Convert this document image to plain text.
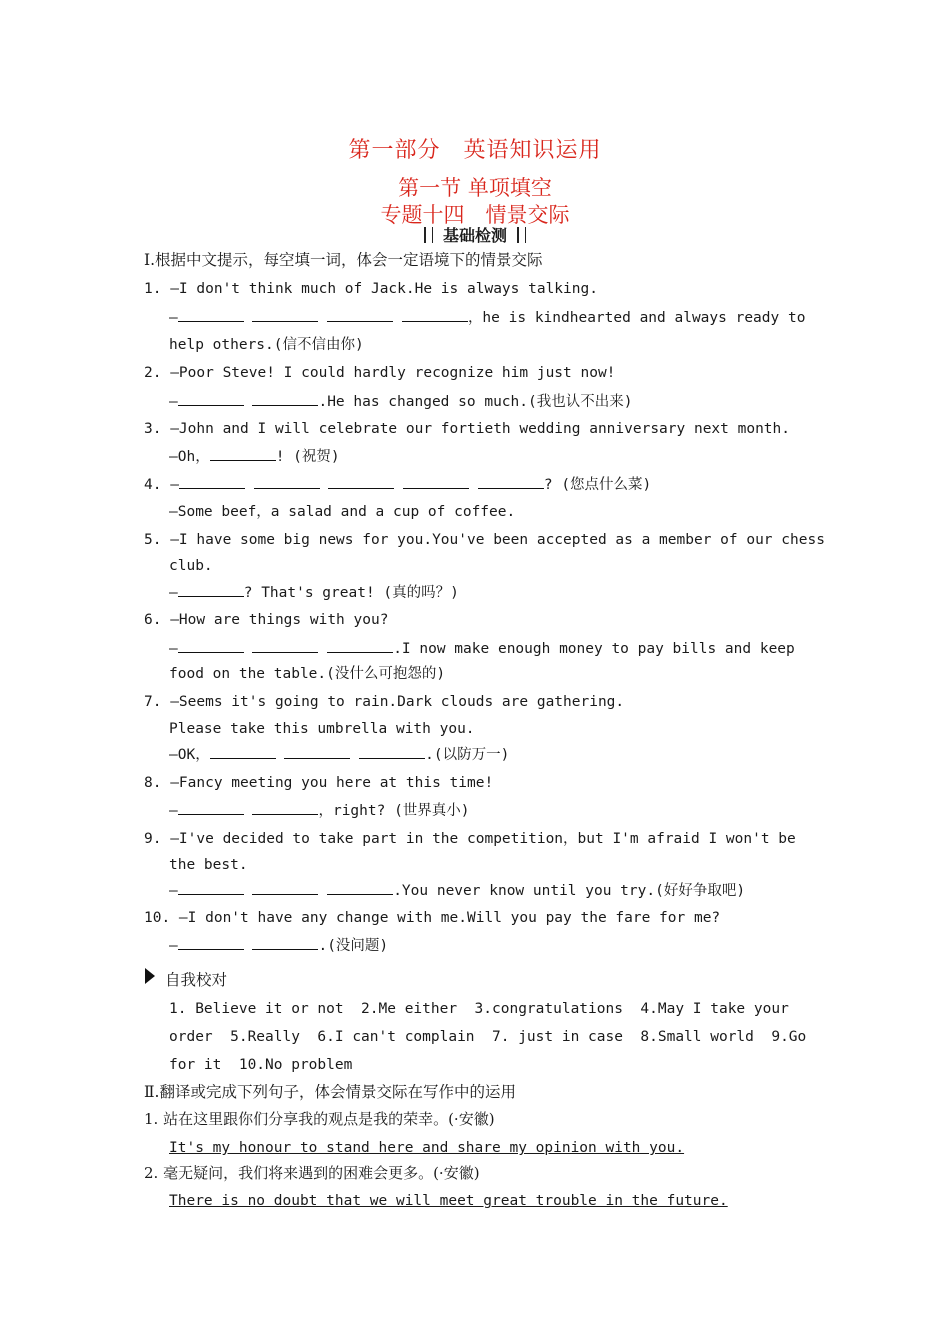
第一部分　英语知识运用
第一节 单项填空
专题十四　情景交际
基础检测
Ⅰ.根据中文提示，每空填一词，体会一定语境下的情景交际
1. —I don't think much of Jack.He is always talking.
—	，he is kindhearted and always ready to
help others.(信不信由你)
2. —Poor Steve! I could hardly recognize him just now!
—	.He has changed so much.(我也认不出来)
3. —John and I will celebrate our fortieth wedding anniversary next month.
—Oh，	! (祝贺)
4. —	? (您点什么菜)
—Some beef，a salad and a cup of coffee.
5. —I have some big news for you.You've been accepted as a member of our chess
club.
—	? That's great! (真的吗？)
6. —How are things with you?
—	.I now make enough money to pay bills and keep
food on the table.(没什么可抱怨的)
7. —Seems it's going to rain.Dark clouds are gathering.
Please take this umbrella with you.
—OK，	.(以防万一)
8. —Fancy meeting you here at this time!
—	，right? (世界真小)
9. —I've decided to take part in the competition，but I'm afraid I won't be
the best.
—	.You never know until you try.(好好争取吧)
10. —I don't have any change with me.Will you pay the fare for me?
—	.(没问题)
自我校对
1. Believe it or not  2.Me either  3.congratulations  4.May I take your
order  5.Really  6.I can't complain  7. just in case  8.Small world  9.Go
for it  10.No problem
Ⅱ.翻译或完成下列句子，体会情景交际在写作中的运用
1. 站在这里跟你们分享我的观点是我的荣幸。(·安徽)
It's my honour to stand here and share my opinion with you.
2. 毫无疑问，我们将来遇到的困难会更多。(·安徽)
There is no doubt that we will meet great trouble in the future.
